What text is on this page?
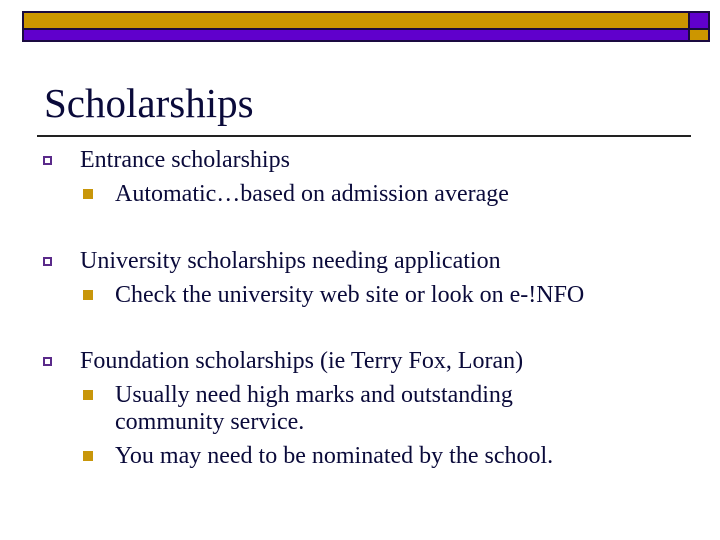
Scholarships
Entrance scholarships
Automatic…based on admission average
University scholarships needing application
Check the university web site or look on e-!NFO
Foundation scholarships (ie Terry Fox, Loran)
Usually need high marks and outstanding
community service.
You may need to be nominated by the school.
